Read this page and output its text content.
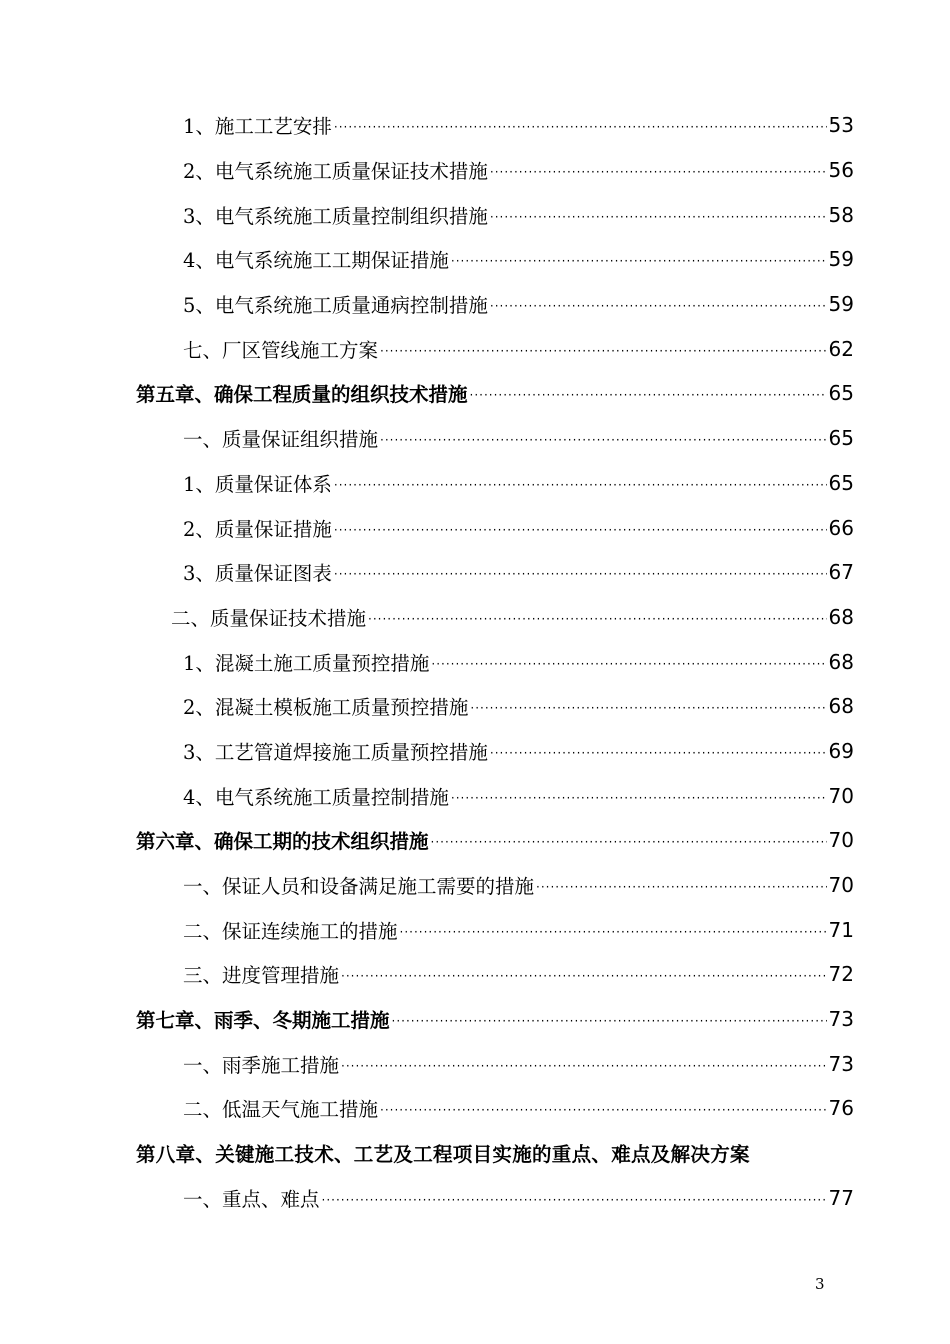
1、施工工艺安排 ·····	53
2、电气系统施工质量保证技术措施 ·····	56
3、电气系统施工质量控制组织措施 ·····	58
4、电气系统施工工期保证措施 ·····	59
5、电气系统施工质量通病控制措施 ·····	59
七、厂区管线施工方案 ·····	62
第五章、确保工程质量的组织技术措施 ·····	65
一、质量保证组织措施 ·····	65
1、质量保证体系 ·····	65
2、质量保证措施 ·····	66
3、质量保证图表 ·····	67
二、质量保证技术措施 ·····	68
1、混凝土施工质量预控措施 ·····	68
2、混凝土模板施工质量预控措施 ·····	68
3、工艺管道焊接施工质量预控措施 ·····	69
4、电气系统施工质量控制措施 ·····	70
第六章、确保工期的技术组织措施 ·····	70
一、保证人员和设备满足施工需要的措施 ·····	70
二、保证连续施工的措施 ·····	71
三、进度管理措施 ·····	72
第七章、雨季、冬期施工措施 ·····	73
一、雨季施工措施 ·····	73
二、低温天气施工措施 ·····	76
第八章、关键施工技术、工艺及工程项目实施的重点、难点及解决方案
一、重点、难点 ·····	77
3
